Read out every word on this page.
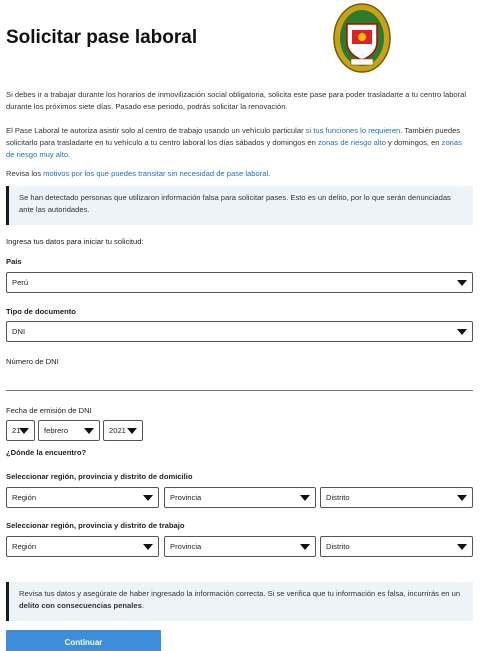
Solicitar pase laboral
Si debes ir a trabajar durante los horarios de inmovilización social obligatoria, solicita este pase para poder trasladarte a tu centro laboral durante los próximos siete días. Pasado ese periodo, podrás solicitar la renovación.
El Pase Laboral te autoriza asistir solo al centro de trabajo usando un vehículo particular si tus funciones lo requieren. También puedes solicitarlo para trasladarte en tu vehículo a tu centro laboral los días sábados y domingos en zonas de riesgo alto y domingos, en zonas de riesgo muy alto.
Revisa los motivos por los que puedes transitar sin necesidad de pase laboral.
Se han detectado personas que utilizaron información falsa para solicitar pases. Esto es un delito, por lo que serán denunciadas ante las autoridades.
Ingresa tus datos para iniciar tu solicitud:
País
Perú
Tipo de documento
DNI
Número de DNI
Fecha de emisión de DNI
21	febrero	2021
¿Dónde la encuentro?
Seleccionar región, provincia y distrito de domicilio
Región	Provincia	Distrito
Seleccionar región, provincia y distrito de trabajo
Región	Provincia	Distrito
Revisa tus datos y asegúrate de haber ingresado la información correcta. Si se verifica que tu información es falsa, incurrirás en un delito con consecuencias penales.
Continuar
